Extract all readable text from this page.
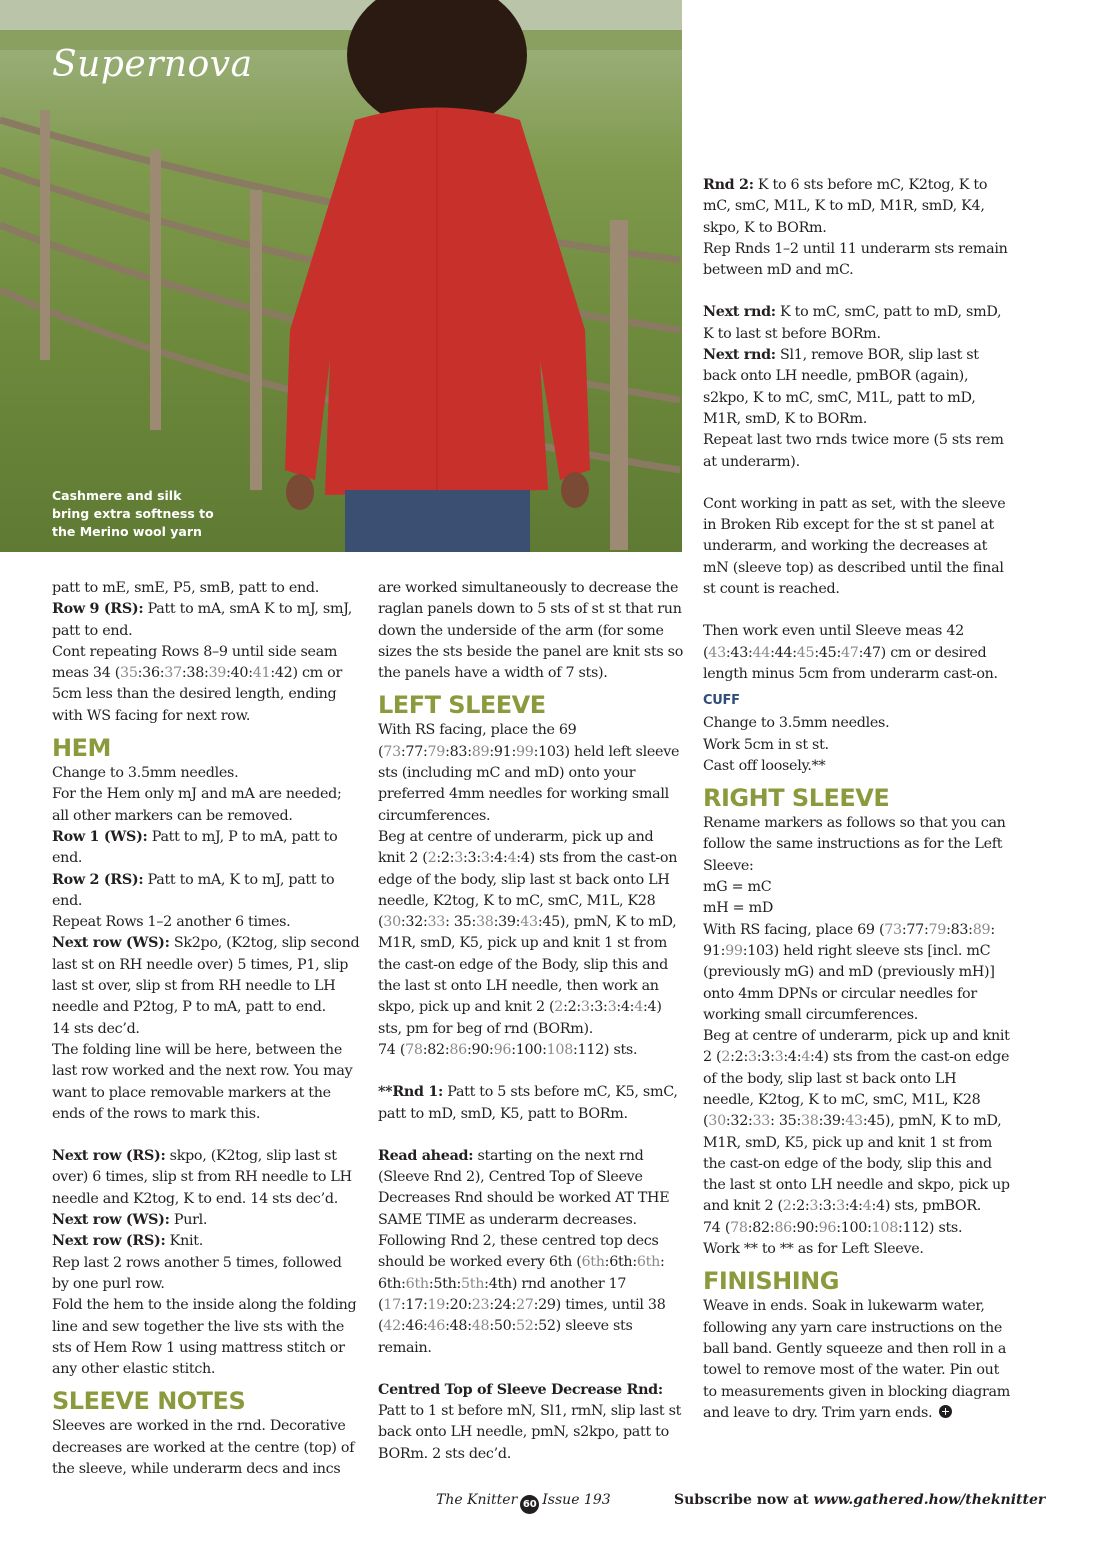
Supernova
Cashmere and silk bring extra softness to the Merino wool yarn

patt to mE, smE, P5, smB, patt to end.

Row 9 (RS): Patt to mA, smA K to mJ, smJ, patt to end.

Cont repeating Rows 8–9 until side seam meas 34 (35:36:37:38:39:40:41:42) cm or 5cm less than the desired length, ending with WS facing for next row.

HEM

Change to 3.5mm needles.

For the Hem only mJ and mA are needed; all other markers can be removed.

Row 1 (WS): Patt to mJ, P to mA, patt to end.

Row 2 (RS): Patt to mA, K to mJ, patt to end.

Repeat Rows 1–2 another 6 times.

Next row (WS): Sk2po, (K2tog, slip second last st on RH needle over) 5 times, P1, slip last st over, slip st from RH needle to LH needle and P2tog, P to mA, patt to end.

14 sts dec’d.

The folding line will be here, between the last row worked and the next row. You may want to place removable markers at the ends of the rows to mark this.

Next row (RS): skpo, (K2tog, slip last st over) 6 times, slip st from RH needle to LH needle and K2tog, K to end. 14 sts dec’d.

Next row (WS): Purl.

Next row (RS): Knit.

Rep last 2 rows another 5 times, followed by one purl row.

Fold the hem to the inside along the folding line and sew together the live sts with the sts of Hem Row 1 using mattress stitch or any other elastic stitch.

SLEEVE NOTES

Sleeves are worked in the rnd. Decorative decreases are worked at the centre (top) of the sleeve, while underarm decs and incs

are worked simultaneously to decrease the raglan panels down to 5 sts of st st that run down the underside of the arm (for some sizes the sts beside the panel are knit sts so the panels have a width of 7 sts).

LEFT SLEEVE

With RS facing, place the 69 (73:77:79:83:89:91:99:103) held left sleeve sts (including mC and mD) onto your preferred 4mm needles for working small circumferences.

Beg at centre of underarm, pick up and knit 2 (2:2:3:3:3:4:4:4) sts from the cast-on edge of the body, slip last st back onto LH needle, K2tog, K to mC, smC, M1L, K28 (30:32:33: 35:38:39:43:45), pmN, K to mD, M1R, smD, K5, pick up and knit 1 st from the cast-on edge of the Body, slip this and the last st onto LH needle, then work an skpo, pick up and knit 2 (2:2:3:3:3:4:4:4) sts, pm for beg of rnd (BORm).

74 (78:82:86:90:96:100:108:112) sts.

**Rnd 1: Patt to 5 sts before mC, K5, smC, patt to mD, smD, K5, patt to BORm.

Read ahead: starting on the next rnd (Sleeve Rnd 2), Centred Top of Sleeve Decreases Rnd should be worked AT THE SAME TIME as underarm decreases. Following Rnd 2, these centred top decs should be worked every 6th (6th:6th:6th: 6th:6th:5th:5th:4th) rnd another 17 (17:17:19:20:23:24:27:29) times, until 38 (42:46:46:48:48:50:52:52) sleeve sts remain.

Centred Top of Sleeve Decrease Rnd: Patt to 1 st before mN, Sl1, rmN, slip last st back onto LH needle, pmN, s2kpo, patt to BORm. 2 sts dec’d.

Rnd 2: K to 6 sts before mC, K2tog, K to mC, smC, M1L, K to mD, M1R, smD, K4, skpo, K to BORm.

Rep Rnds 1–2 until 11 underarm sts remain between mD and mC.

Next rnd: K to mC, smC, patt to mD, smD, K to last st before BORm.

Next rnd: Sl1, remove BOR, slip last st back onto LH needle, pmBOR (again), s2kpo, K to mC, smC, M1L, patt to mD, M1R, smD, K to BORm.

Repeat last two rnds twice more (5 sts rem at underarm).

Cont working in patt as set, with the sleeve in Broken Rib except for the st st panel at underarm, and working the decreases at mN (sleeve top) as described until the final st count is reached.

Then work even until Sleeve meas 42 (43:43:44:44:45:45:47:47) cm or desired length minus 5cm from underarm cast-on.

CUFF

Change to 3.5mm needles.

Work 5cm in st st.

Cast off loosely.**

RIGHT SLEEVE

Rename markers as follows so that you can follow the same instructions as for the Left Sleeve:

mG = mC

mH = mD

With RS facing, place 69 (73:77:79:83:89: 91:99:103) held right sleeve sts [incl. mC (previously mG) and mD (previously mH)] onto 4mm DPNs or circular needles for working small circumferences.

Beg at centre of underarm, pick up and knit 2 (2:2:3:3:3:4:4:4) sts from the cast-on edge of the body, slip last st back onto LH needle, K2tog, K to mC, smC, M1L, K28 (30:32:33: 35:38:39:43:45), pmN, K to mD, M1R, smD, K5, pick up and knit 1 st from the cast-on edge of the body, slip this and the last st onto LH needle and skpo, pick up and knit 2 (2:2:3:3:3:4:4:4) sts, pmBOR.

74 (78:82:86:90:96:100:108:112) sts.

Work ** to ** as for Left Sleeve.

FINISHING

Weave in ends. Soak in lukewarm water, following any yarn care instructions on the ball band. Gently squeeze and then roll in a towel to remove most of the water. Pin out to measurements given in blocking diagram and leave to dry. Trim yarn ends.

The Knitter 60 Issue 193	Subscribe now at www.gathered.how/theknitter
